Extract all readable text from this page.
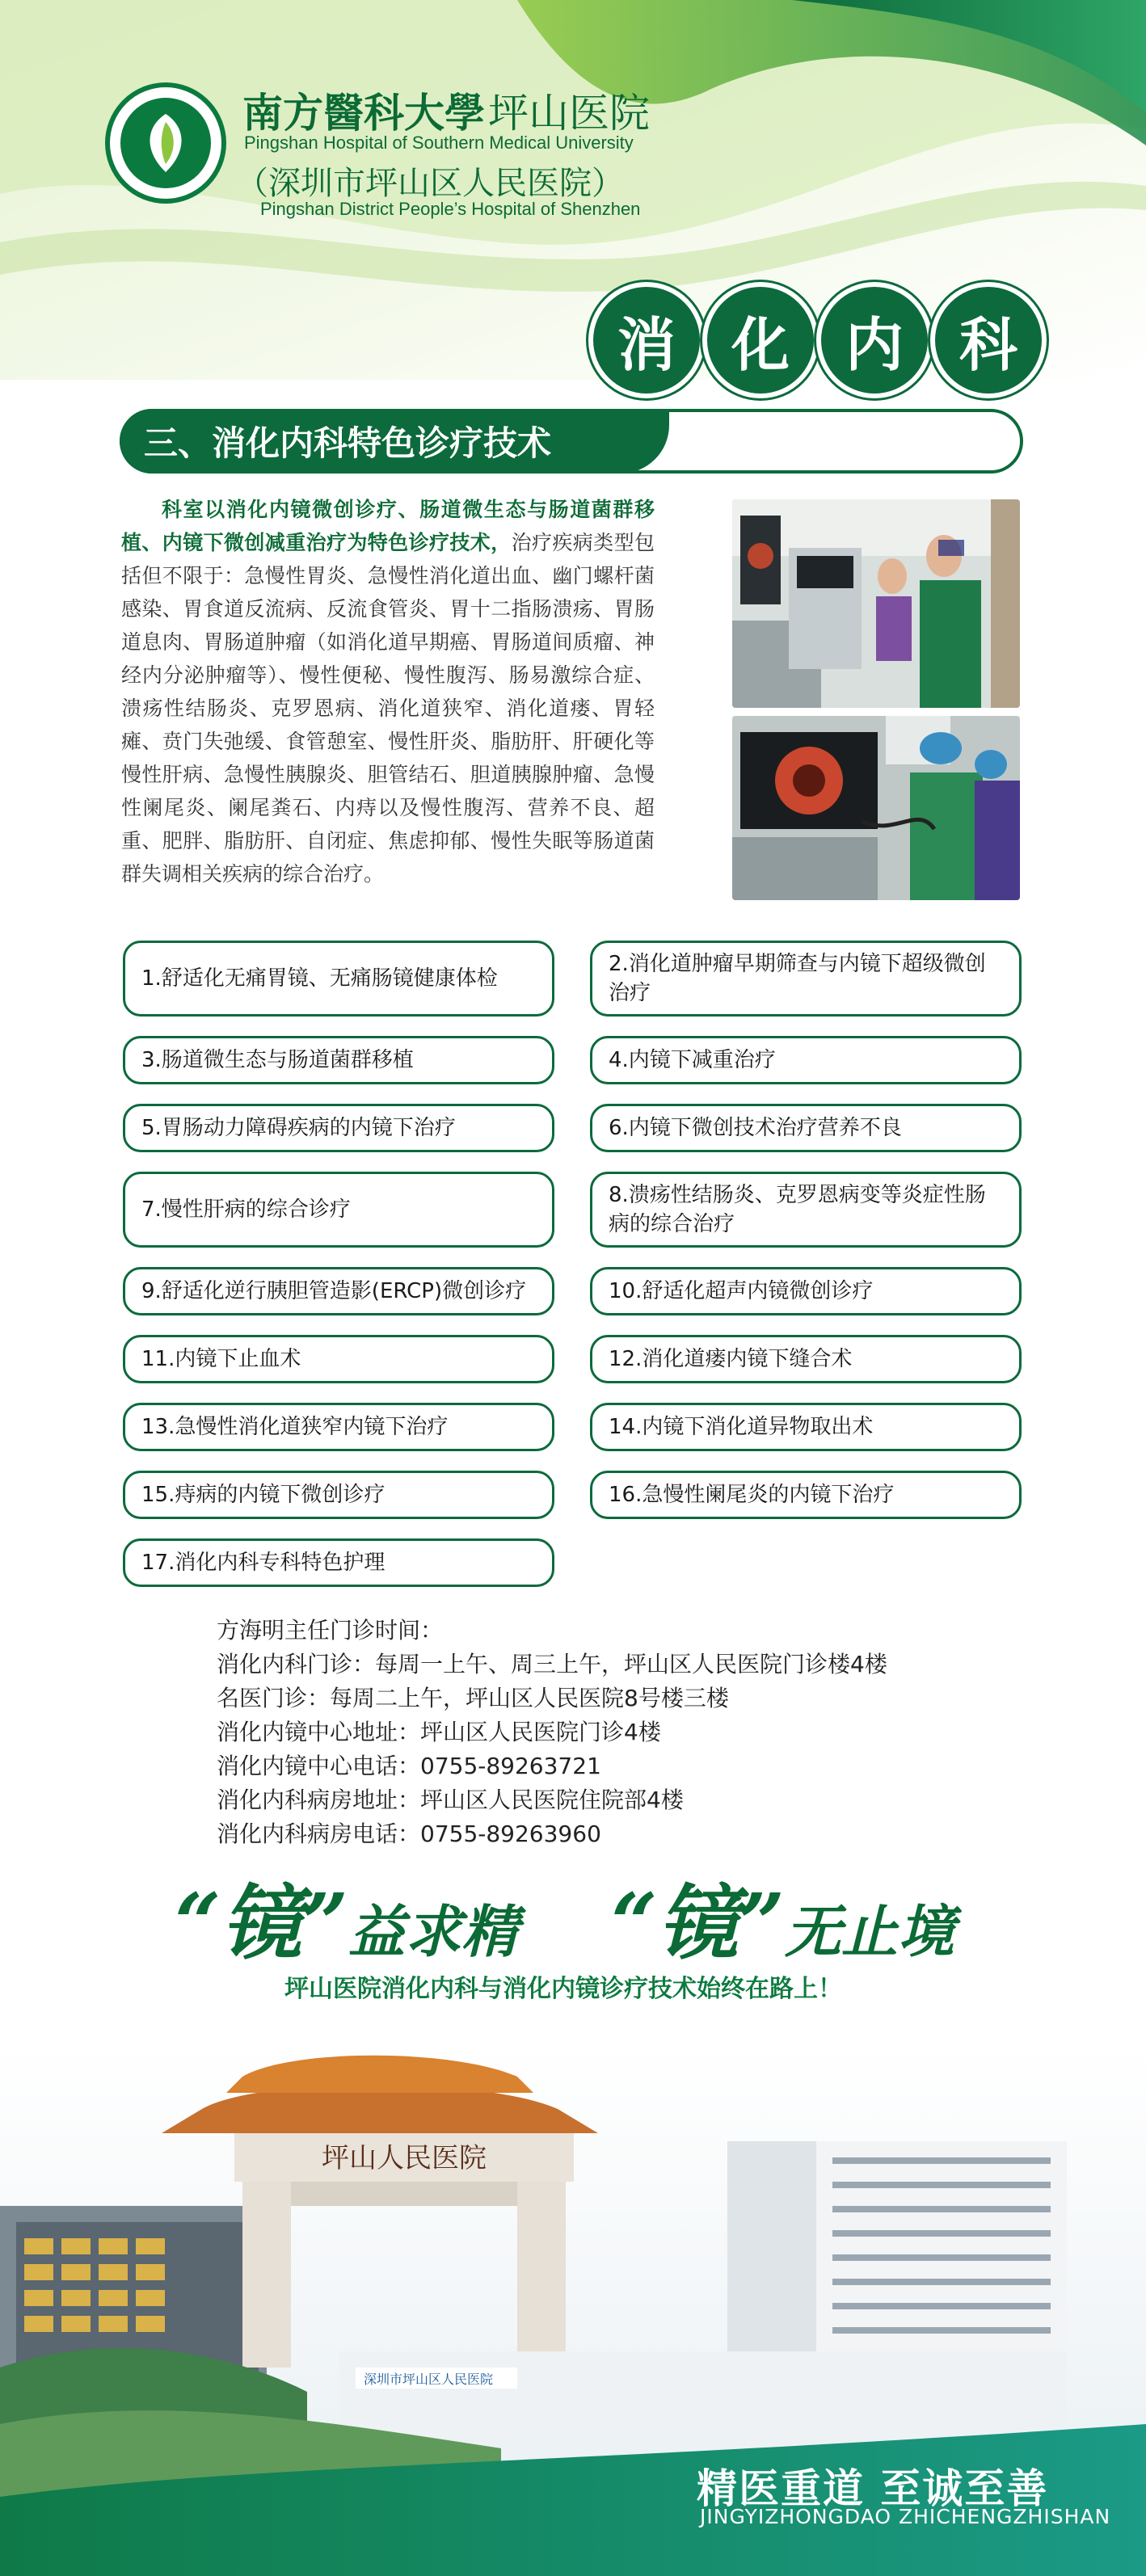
南方醫科大學坪山医院
Pingshan Hospital of Southern Medical University
（深圳市坪山区人民医院）
Pingshan District People’s Hospital of Shenzhen
消 化 内 科
三、消化内科特色诊疗技术
科室以消化内镜微创诊疗、肠道微生态与肠道菌群移植、内镜下微创减重治疗为特色诊疗技术，治疗疾病类型包括但不限于：急慢性胃炎、急慢性消化道出血、幽门螺杆菌感染、胃食道反流病、反流食管炎、胃十二指肠溃疡、胃肠道息肉、胃肠道肿瘤（如消化道早期癌、胃肠道间质瘤、神经内分泌肿瘤等）、慢性便秘、慢性腹泻、肠易激综合症、溃疡性结肠炎、克罗恩病、消化道狭窄、消化道瘘、胃轻瘫、贲门失弛缓、食管憩室、慢性肝炎、脂肪肝、肝硬化等慢性肝病、急慢性胰腺炎、胆管结石、胆道胰腺肿瘤、急慢性阑尾炎、阑尾粪石、内痔以及慢性腹泻、营养不良、超重、肥胖、脂肪肝、自闭症、焦虑抑郁、慢性失眠等肠道菌群失调相关疾病的综合治疗。
1.舒适化无痛胃镜、无痛肠镜健康体检
2.消化道肿瘤早期筛查与内镜下超级微创治疗
3.肠道微生态与肠道菌群移植	4.内镜下减重治疗
5.胃肠动力障碍疾病的内镜下治疗	6.内镜下微创技术治疗营养不良
7.慢性肝病的综合诊疗
8.溃疡性结肠炎、克罗恩病变等炎症性肠病的综合治疗
9.舒适化逆行胰胆管造影(ERCP)微创诊疗	10.舒适化超声内镜微创诊疗
11.内镜下止血术	12.消化道瘘内镜下缝合术
13.急慢性消化道狭窄内镜下治疗	14.内镜下消化道异物取出术
15.痔病的内镜下微创诊疗	16.急慢性阑尾炎的内镜下治疗
17.消化内科专科特色护理
方海明主任门诊时间：
消化内科门诊：每周一上午、周三上午，坪山区人民医院门诊楼4楼
名医门诊：每周二上午，坪山区人民医院8号楼三楼
消化内镜中心地址：坪山区人民医院门诊4楼
消化内镜中心电话：0755-89263721
消化内科病房地址：坪山区人民医院住院部4楼
消化内科病房电话：0755-89263960
“镜”益求精 “镜”无止境
坪山医院消化内科与消化内镜诊疗技术始终在路上！
坪山人民医院
深圳市坪山区人民医院
精医重道 至诚至善
JINGYIZHONGDAO ZHICHENGZHISHAN
